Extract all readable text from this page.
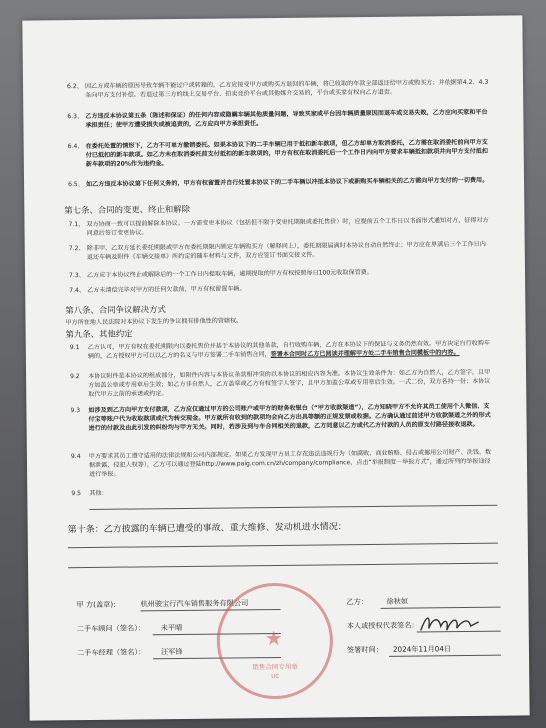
6.2、 因乙方或车辆的原因导致车辆不能过户或转籍的，乙方应接受甲方或购买方退回的车辆，将已收取的车款全部返还给甲方或购买方；并依据第4.2、4.3条向甲方支付补偿。若退过第三方的线上交易平台、拍卖竞价平台或其他媒介交易的，平台或买家有权向乙方追责。
6.3、 乙方违反本协议第五条（陈述和保证）的任何内容或隐瞒车辆其他质量问题，导致买家或平台因车辆质量原因而退车或交易失败，乙方应向买家和平台承担责任；使甲方遭受损失或被追责的，乙方应向甲方承担责任。
6.4、 在委托处置的情形下，乙方不可单方撤销委托。如果本协议下的二手车辆已用于抵扣新车款项，但乙方却单方取消委托，乙方需在取消委托前向甲方支付已抵扣的新车款项。如乙方未在取消委托前支付抵扣的新车款项的，甲方有权在取消委托后一个工作日内向甲方要求车辆抵扣款项并向甲方支付抵扣新车款项的20%作为违约金。
6.5、 如乙方违反本协议第下任何义务的，甲方有权留置并自行处置本协议下的二手车辆以冲抵本协议下或新购买车辆相关的乙方需向甲方支付的一切费用。
第七条、合同的变更、终止和解除
7.1、 双方协商一致可以提前解除本协议。一方需变更本协议（包括但不限于变更托期限或委托售价）时，应提前五个工作日以书面形式通知对方，征得对方同意后签订变更协议。
7.2、 除非甲、乙双方延长委托期限或甲方在委托期限内锁定车辆购买方（解释同上），委托期限届满时本协议自动自然终止；甲方应在界满后三个工作日内返还车辆及附件《车辆交接单》所约定的随车材料与文件，双方应签订书面交接文件。
7.3、 乙方应于本协议终止或解除后的一个工作日内提取车辆，逾期提取的甲方有权按照每日100元收取保管费。
7.4、 乙方未清偿完毕对甲方的任何欠款前，甲方有权留置车辆。
第八条、合同争议解决方式
甲方所在地人民法院对本协议下发生的争议拥有排他性的管辖权。
第九条、其他约定
9.1 乙方认可，甲方有权在委托期限内以委托售价并基于本协议的其他条款，自行收购车辆，乙方在本协议下的保证与义务仍然有效。甲方决定自行收购车辆的，乙方授权甲方可以以乙方的名义与甲方签署二手车销售合同，签署本合同时乙方已阅读并理解甲方处二手车销售合同模板中的内容。
9.2 本协议附件是本协议的组成部分，如附件内容与本协议条款相冲突的以本协议的相应内容为准。本协议生效条件为：如乙方为自然人，乙方签字，且甲方加盖公章或专用章后生效；如乙方非自然人，乙方盖章或乙方有权签字人签字，且甲方加盖公章或专用章后生效。一式二份，双方各持一份；本协议取代甲方之前的承诺或约定。
9.3 如涉及到乙方向甲方支付款项，乙方应仅通过甲方的公司账户或甲方的财务收银台（“甲方收款渠道”），乙方知晓甲方不允许其员工使用个人微信、支付宝等账户代为收取款项或代为转交现金。甲方就所有收到的款项均会向乙方出具等额的正规发票或收据。乙方确认通过前述甲方收款渠道之外的形式进行的付款及由此引发的纠纷均与甲方无关。同时，若涉及到与车合同相关的退款，乙方同意以乙方或代乙方付款的人员的原支付路径接收退款。
9.4 甲方要求其员工遵守适用的法律法规和公司内部规定。如果乙方发现甲方员工存在违法违规行为（如腐败、商业贿赂、侵占或挪用公司财产、洗钱、数据泄露、侵犯人权等），乙方可以通过登陆http://www.paig.com.cn/zh/company/compliance，点击“举报制度－举报方式”，通过所列的举报途径进行举报。
9.5 其他：
第十条：乙方披露的车辆已遭受的事故、重大维修、发动机进水情况：
甲 方(盖章):	杭州骏宝行汽车销售服务有限公司	乙方：	徐秋姮
二手车顾问（签名）： 未平晴	本人或授权代表签名：
二手车经理（签名）： 汪军锋	签署时间： 2024年11月04日
★
销售合同专用章
UC
